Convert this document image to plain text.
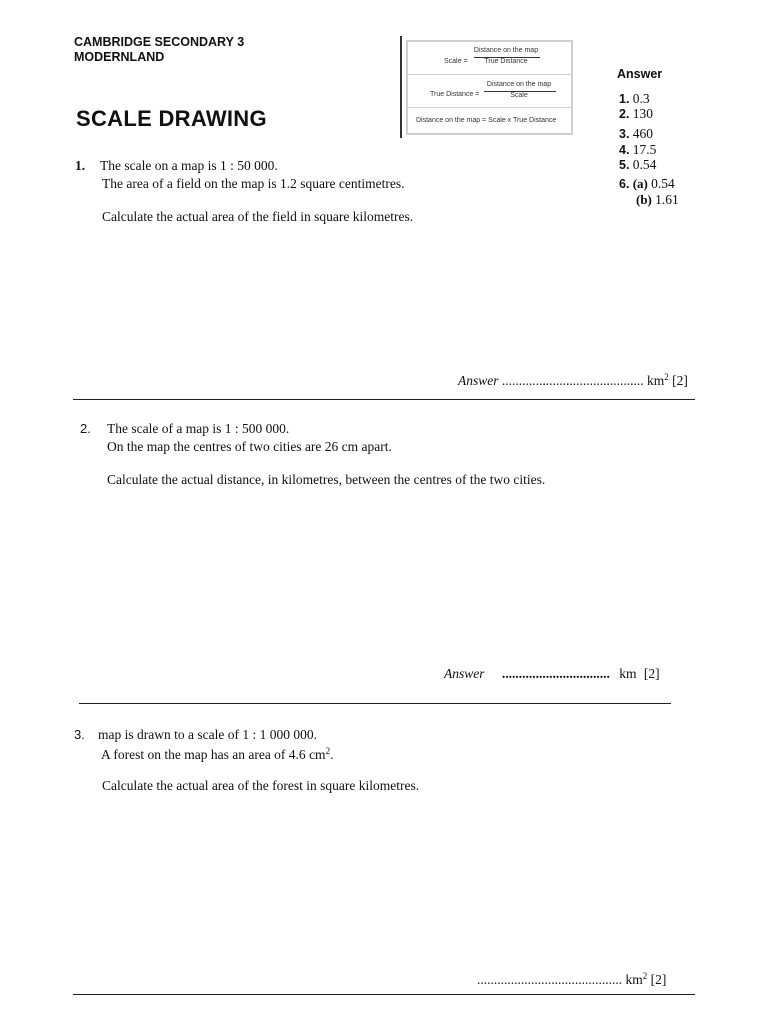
CAMBRIDGE SECONDARY 3
MODERNLAND
SCALE DRAWING
Scale =
Distance on the map
True Distance
True Distance =
Distance on the map
Scale
Distance on the map = Scale x True Distance
Answer
1. 0.3
2. 130
3. 460
4. 17.5
5. 0.54
6. (a) 0.54
(b) 1.61
1. The scale on a map is 1 : 50 000.
The area of a field on the map is 1.2 square centimetres.
Calculate the actual area of the field in square kilometres.
Answer .......................................... $km^2$ [2]
2. The scale of a map is 1 : 500 000.
On the map the centres of two cities are 26 cm apart.
Calculate the actual distance, in kilometres, between the centres of the two cities.
Answer ................................ km [2]
3. map is drawn to a scale of 1 : 1 000 000.
A forest on the map has an area of 4.6 $cm^2$.
Calculate the actual area of the forest in square kilometres.
........................................... $km^2$ [2]
